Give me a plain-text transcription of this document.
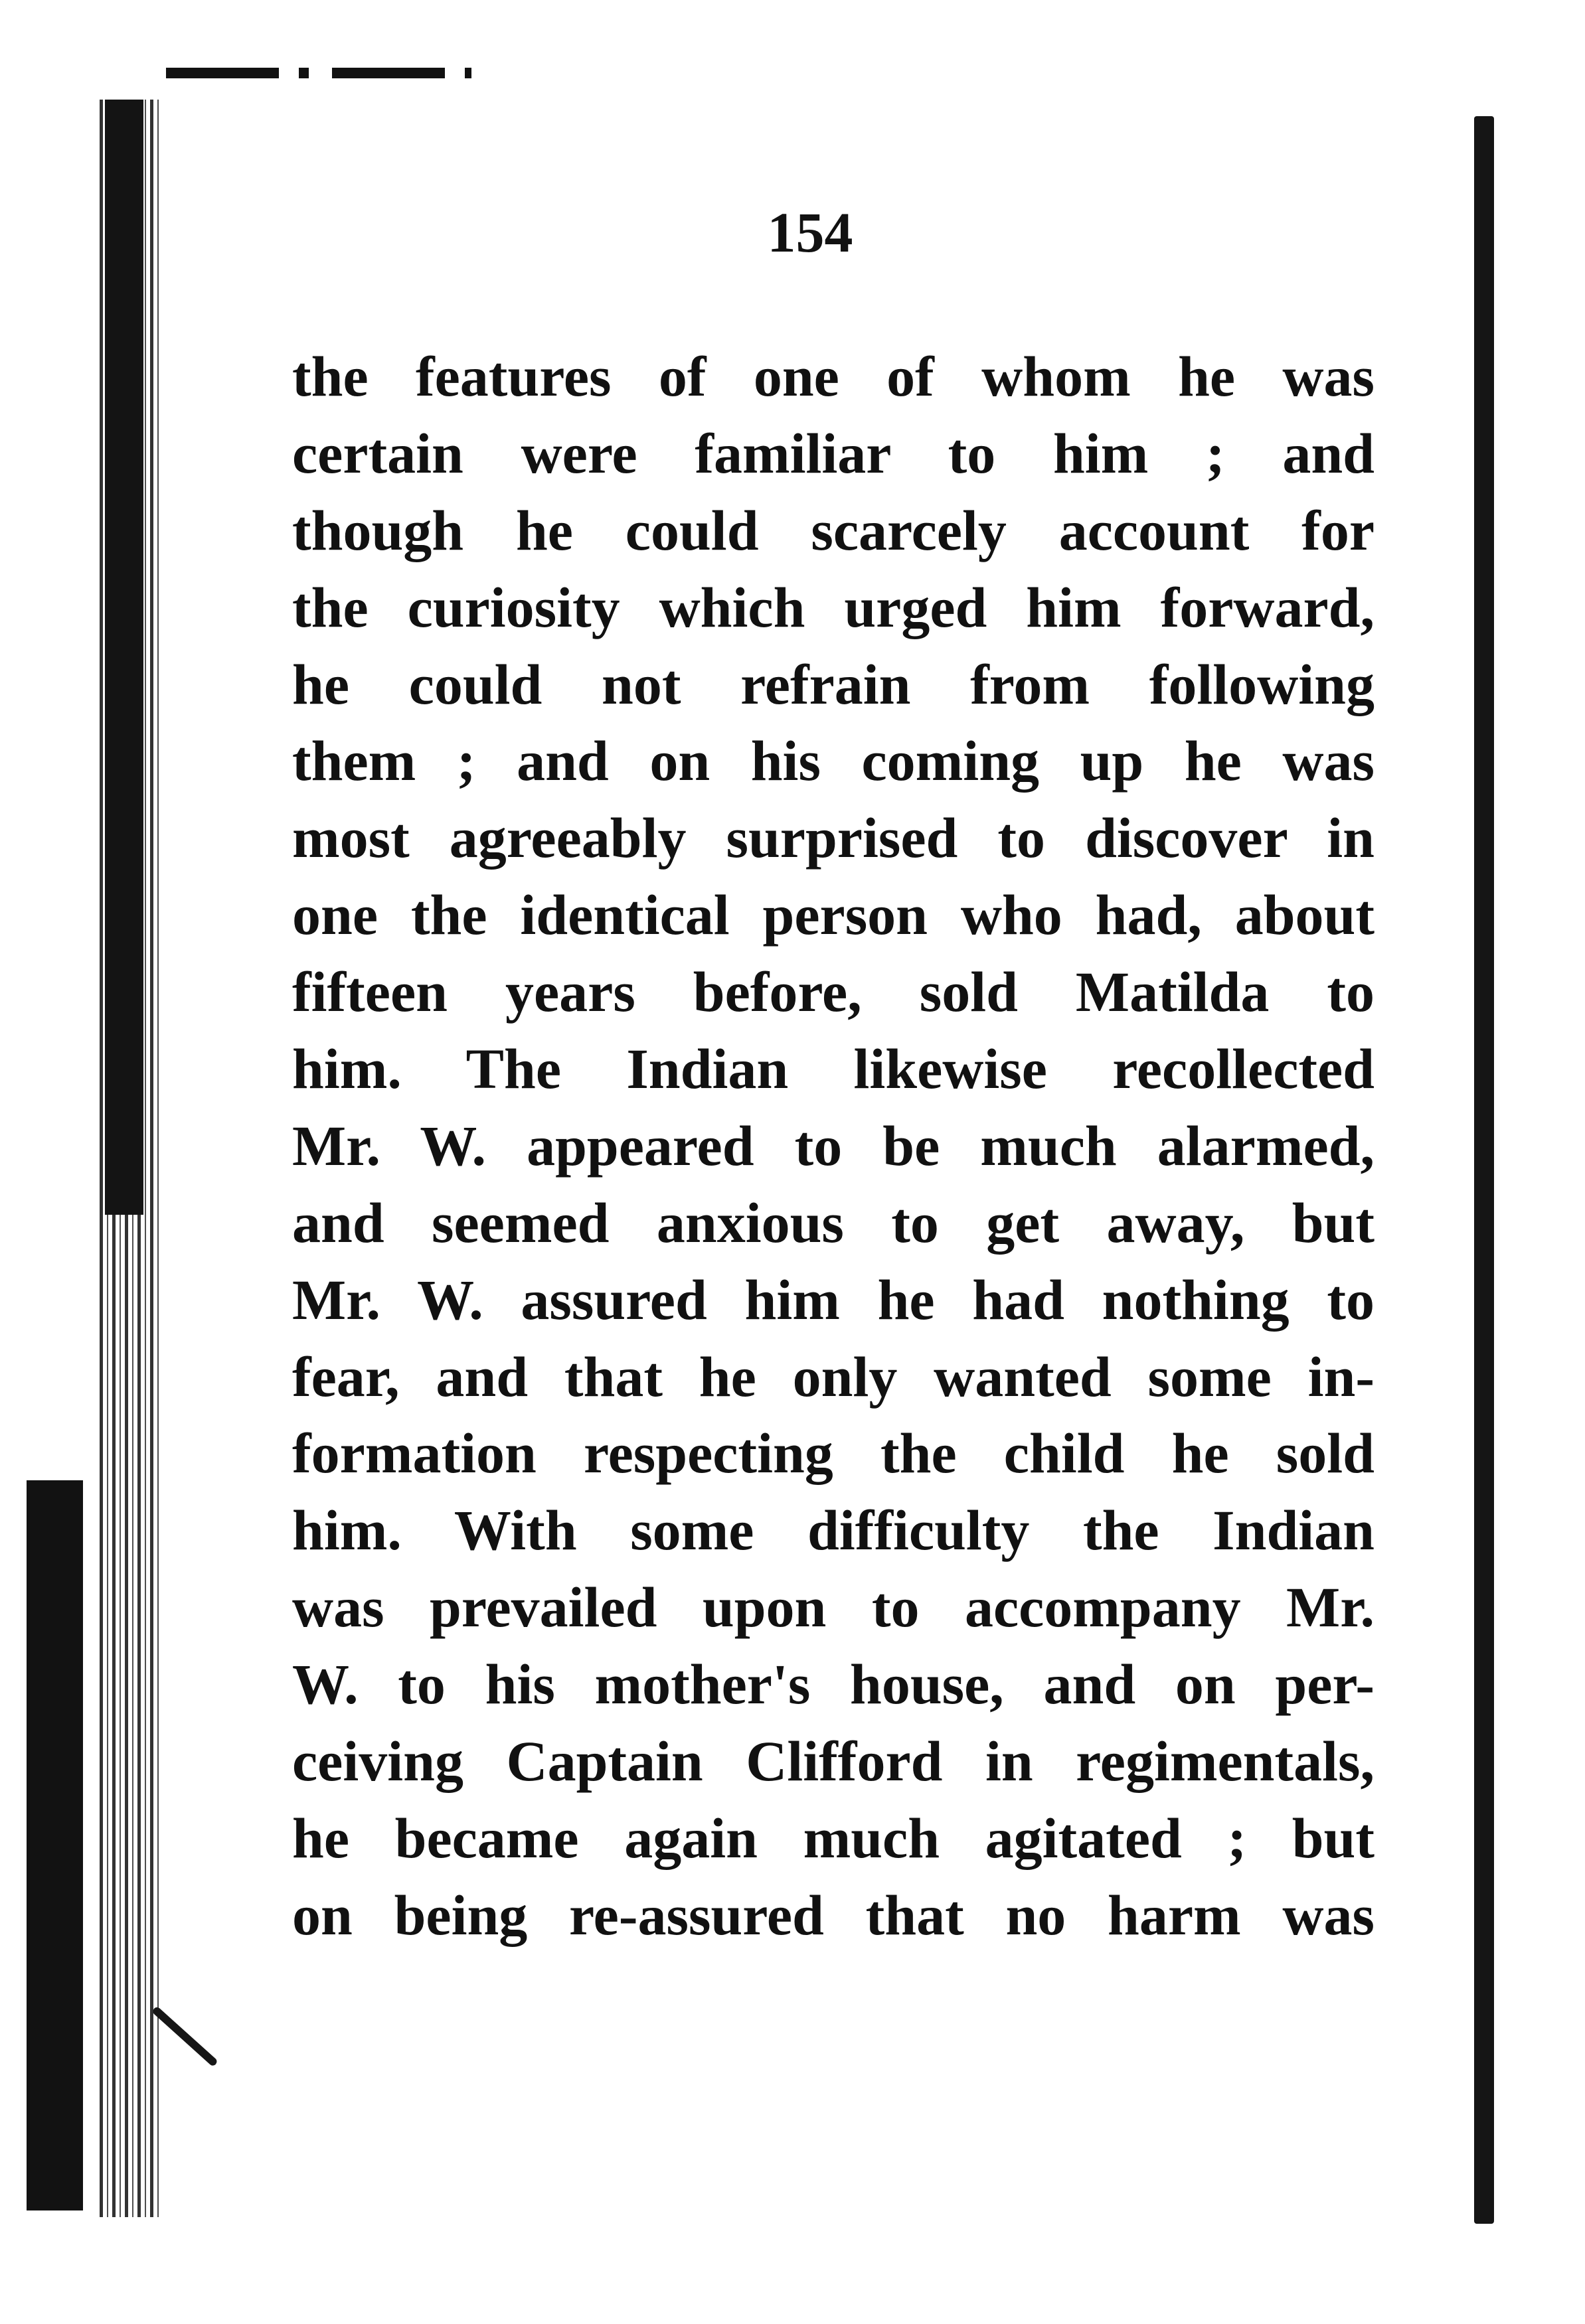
154
the features of one of whom he was
certain were familiar to him ; and
though he could scarcely account for
the curiosity which urged him forward,
he could not refrain from following
them ; and on his coming up he was
most agreeably surprised to discover in
one the identical person who had, about
fifteen years before, sold Matilda to
him. The Indian likewise recollected
Mr. W. appeared to be much alarmed,
and seemed anxious to get away, but
Mr. W. assured him he had nothing to
fear, and that he only wanted some in-
formation respecting the child he sold
him. With some difficulty the Indian
was prevailed upon to accompany Mr.
W. to his mother's house, and on per-
ceiving Captain Clifford in regimentals,
he became again much agitated ; but
on being re-assured that no harm was
